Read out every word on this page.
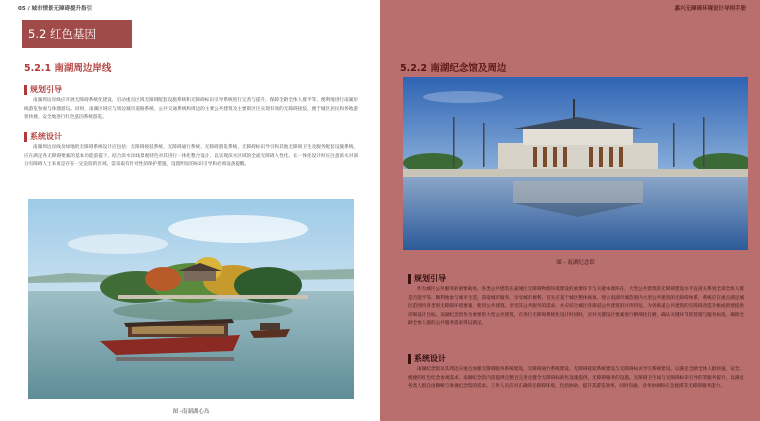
05 / 城市情景无障碍提升指引
5.2 红色基因
5.2.1 南湖周边岸线
规划引导
南湖周边岸线应开展无障碍系统化建设，启动重点区域无障碍配套设施系统和无障碍标识引导系统进行完善与提升，保障全龄全体人群平等、便利地进行南湖岸线游览参观与休憩游玩。同时，南湖区域应与周边城市道路系统、公共交通系统和周边的主要公共建筑及主要街区区实现有效的无障碍接驳，便于城区居民和各地游客快捷、安全地进行红色基因系统游览。
系统设计
南湖周边岸线及绿地的无障碍系统设计应包括：无障碍接驳系统、无障碍通行系统、无障碍游览系统、无障碍标识导引和其他无障碍卫生及服务配套设施系统。应在满足各无障碍要素的基本功能前提下，结合滨水岸线景观特色对其进行一体化整合设计，以实现滨水区域的全面无障碍人性化。在一体化设计时应注意滨水对部分有障碍人士来说是存在一定危险的区域，需采取有针对性的保护措施，设置明显的标识引导和必须设备提醒。
图 -南湖湖心岛
嘉兴无障碍环境设计导则手册
5.2.2 南湖纪念馆及周边
图 - 南湖纪念馆
规划引导
作为城区公共服务的重要载体，各类公共建筑在嘉城区无障碍物理环境建设的重要环节与关键本端环在，大型公共建筑的无障碍建设水平直接关系到全部全体人群是否能平等、顺利地参与城市生活，获取城市服务，享受城市便利。首先应基于城区整体视角，建立南湖市城范围内大型公共建筑的无障碍体系，系统应在重点满足城区范围内各类别无障碍环境要素，使用公共建筑、享受其公共服务的需求。并应结合城区各街道公共建筑的区块特征，为各街道公共建筑的无障碍改造升级或新建提供详细设计目标。南湖纪念馆作为重要的大型公共建筑，在进行无障碍系统化设计时同时，应对关键设计要素进行精细化打磨，确认关键环节的管理与服务标准，确保全龄全体人群的公共服务需求得以满足。
系统设计
南湖纪念馆及其周边应重点加强无障碍服务系统建设，无障碍通行系统建设、无障碍接驳系统建设与无障碍标识导引系统建设，以满足全龄全体人群快速、安全、便捷的红色纪念参观需求。南湖纪念馆内需提供完整且完善且健全无障碍标准化设施提供，无障碍服务的设施。无障碍卫生间与无障碍标识引导的等服务提升，以满足各类人群自由顺畅与参观纪念馆的需求。工作人员应对正确的无障碍环境，包括协助、提升其游览效率，同时沟通、业务协调和应急救援等无障碍服务能力。
